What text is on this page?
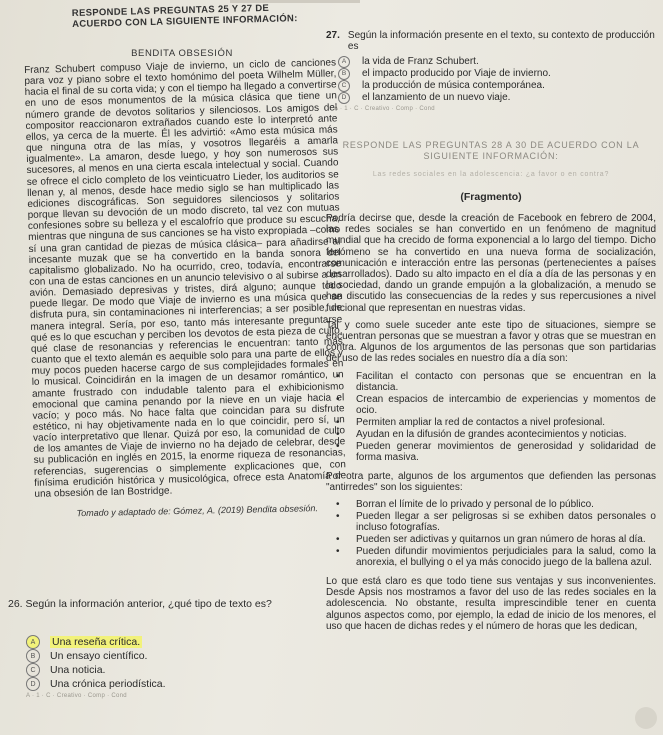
RESPONDE LAS PREGUNTAS 25 Y 27 DE ACUERDO CON LA SIGUIENTE INFORMACIÓN:
BENDITA OBSESIÓN

Franz Schubert compuso Viaje de invierno, un ciclo de canciones para voz y piano sobre el texto homónimo del poeta Wilhelm Müller, hacia el final de su corta vida; y con el tiempo ha llegado a convertirse en uno de esos monumentos de la música clásica que tiene un número grande de devotos solitarios y silenciosos. Los amigos del compositor reaccionaron extrañados cuando este lo interpretó ante ellos, ya cerca de la muerte. Él les advirtió: «Amo esta música más que ninguna otra de las mías, y vosotros llegaréis a amarla igualmente». La amaron, desde luego, y hoy son numerosos sus sucesores, al menos en una cierta escala intelectual y social. Cuando se ofrece el ciclo completo de los veinticuatro Lieder, los auditorios se llenan y, al menos, desde hace medio siglo se han multiplicado las ediciones discográficas. Son seguidores silenciosos y solitarios porque llevan su devoción de un modo discreto, tal vez con mutuas confesiones sobre su belleza y el escalofrío que produce su escucha, mientras que ninguna de sus canciones se ha visto expropiada –como sí una gran cantidad de piezas de música clásica– para añadirse al incesante muzak que se ha convertido en la banda sonora del capitalismo globalizado. No ha ocurrido, creo, todavía, encontrarse con una de estas canciones en un anuncio televisivo o al subirse a un avión. Demasiado depresivas y tristes, dirá alguno; aunque todo puede llegar. De modo que Viaje de invierno es una música que se disfruta pura, sin contaminaciones ni interferencias; a ser posible, de manera integral. Sería, por eso, tanto más interesante preguntarse qué es lo que escuchan y perciben los devotos de esta pieza de culto, qué clase de resonancias y referencias le encuentran: tanto más cuanto que el texto alemán es aequible solo para una parte de ellos y muy pocos pueden hacerse cargo de sus complejidades formales en lo musical. Coincidirán en la imagen de un desamor romántico, un amante frustrado con indudable talento para el exhibicionismo emocional que camina penando por la nieve en un viaje hacia el vacío; y poco más. No hace falta que coincidan para su disfrute estético, ni hay objetivamente nada en lo que coincidir, pero sí, un vacío interpretativo que llenar. Quizá por eso, la comunidad de culto de los amantes de Viaje de invierno no ha dejado de celebrar, desde su publicación en inglés en 2015, la enorme riqueza de resonancias, referencias, sugerencias o simplemente explicaciones que, con finísima erudición histórica y musicológica, ofrece esta Anatomía de una obsesión de Ian Bostridge.

Tomado y adaptado de: Gómez, A. (2019) Bendita obsesión.
26. Según la información anterior, ¿qué tipo de texto es?
A	Una reseña crítica.
B	Un ensayo científico.
C	Una noticia.
D	Una crónica periodística.
A · 1 · C · Creativo · Comp · Cond
27. Según la información presente en el texto, su contexto de producción es
A	la vida de Franz Schubert.
B	el impacto producido por Viaje de invierno.
C	la producción de música contemporánea.
D	el lanzamiento de un nuevo viaje.
A · 1 · C · Creativo · Comp · Cond
RESPONDE LAS PREGUNTAS 28 A 30 DE ACUERDO CON LA SIGUIENTE INFORMACIÓN:
Las redes sociales en la adolescencia: ¿a favor o en contra?
(Fragmento)

Podría decirse que, desde la creación de Facebook en febrero de 2004, las redes sociales se han convertido en un fenómeno de magnitud mundial que ha crecido de forma exponencial a lo largo del tiempo. Dicho fenómeno se ha convertido en una nueva forma de socialización, comunicación e interacción entre las personas (pertenecientes a países desarrollados). Dado su alto impacto en el día a día de las personas y en la sociedad, dando un grande empujón a la globalización, a menudo se han discutido las consecuencias de la redes y sus repercusiones a nivel funcional que representan en nuestras vidas.

Tal y como suele suceder ante este tipo de situaciones, siempre se encuentran personas que se muestran a favor y otras que se muestran en contra. Algunos de los argumentos de las personas que son partidarias del uso de las redes sociales en nuestro día a día son:

• Facilitan el contacto con personas que se encuentran en la distancia.
• Crean espacios de intercambio de experiencias y momentos de ocio.
• Permiten ampliar la red de contactos a nivel profesional.
• Ayudan en la difusión de grandes acontecimientos y noticias.
• Pueden generar movimientos de generosidad y solidaridad de forma masiva.

Por otra parte, algunos de los argumentos que defienden las personas "antirredes" son los siguientes:

• Borran el límite de lo privado y personal de lo público.
• Pueden llegar a ser peligrosas si se exhiben datos personales o incluso fotografías.
• Pueden ser adictivas y quitarnos un gran número de horas al día.
• Pueden difundir movimientos perjudiciales para la salud, como la anorexia, el bullying o el ya más conocido juego de la ballena azul.

Lo que está claro es que todo tiene sus ventajas y sus inconvenientes. Desde Apsis nos mostramos a favor del uso de las redes sociales en la adolescencia. No obstante, resulta imprescindible tener en cuenta algunos aspectos como, por ejemplo, la edad de inicio de los menores, el uso que hacen de dichas redes y el número de horas que les dedican,
